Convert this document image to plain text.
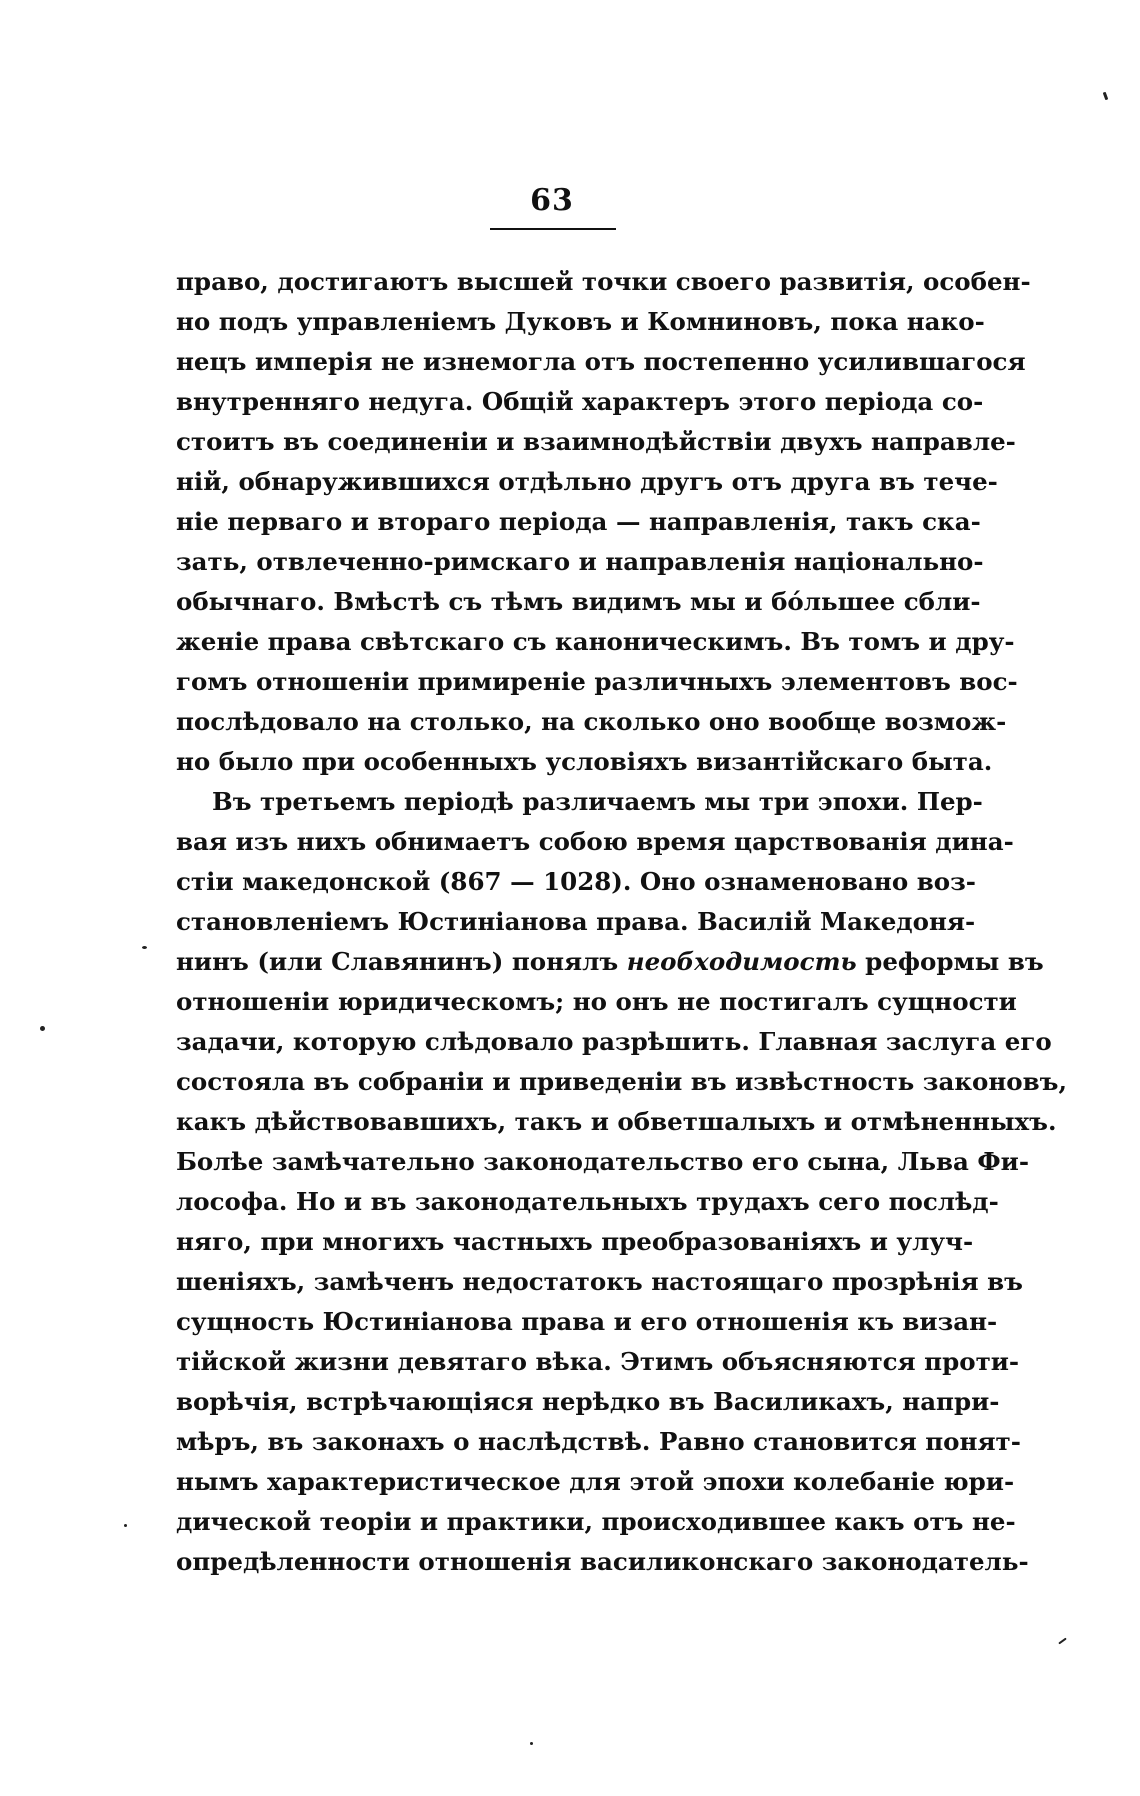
63
право, достигаютъ высшей точки своего развитія, особен-
но подъ управленіемъ Дуковъ и Комниновъ, пока нако-
нецъ имперія не изнемогла отъ постепенно усилившагося
внутренняго недуга. Общій характеръ этого періода со-
стоитъ въ соединеніи и взаимнодѣйствіи двухъ направле-
ній, обнаружившихся отдѣльно другъ отъ друга въ тече-
ніе перваго и втораго періода — направленія, такъ ска-
зать, отвлеченно-римскаго и направленія національно-
обычнаго. Вмѣстѣ съ тѣмъ видимъ мы и бо́льшее сбли-
женіе права свѣтскаго съ каноническимъ. Въ томъ и дру-
гомъ отношеніи примиреніе различныхъ элементовъ вос-
послѣдовало на столько, на сколько оно вообще возмож-
но было при особенныхъ условіяхъ византійскаго быта.
Въ третьемъ періодѣ различаемъ мы три эпохи. Пер-
вая изъ нихъ обнимаетъ собою время царствованія дина-
стіи македонской (867 — 1028). Оно ознаменовано воз-
становленіемъ Юстиніанова права. Василій Македоня-
нинъ (или Славянинъ) понялъ необходимость реформы въ
отношеніи юридическомъ; но онъ не постигалъ сущности
задачи, которую слѣдовало разрѣшить. Главная заслуга его
состояла въ собраніи и приведеніи въ извѣстность законовъ,
какъ дѣйствовавшихъ, такъ и обветшалыхъ и отмѣненныхъ.
Болѣе замѣчательно законодательство его сына, Льва Фи-
лософа. Но и въ законодательныхъ трудахъ сего послѣд-
няго, при многихъ частныхъ преобразованіяхъ и улуч-
шеніяхъ, замѣченъ недостатокъ настоящаго прозрѣнія въ
сущность Юстиніанова права и его отношенія къ визан-
тійской жизни девятаго вѣка. Этимъ объясняются проти-
ворѣчія, встрѣчающіяся нерѣдко въ Василикахъ, напри-
мѣръ, въ законахъ о наслѣдствѣ. Равно становится понят-
нымъ характеристическое для этой эпохи колебаніе юри-
дической теоріи и практики, происходившее какъ отъ не-
опредѣленности отношенія василиконскаго законодатель-
